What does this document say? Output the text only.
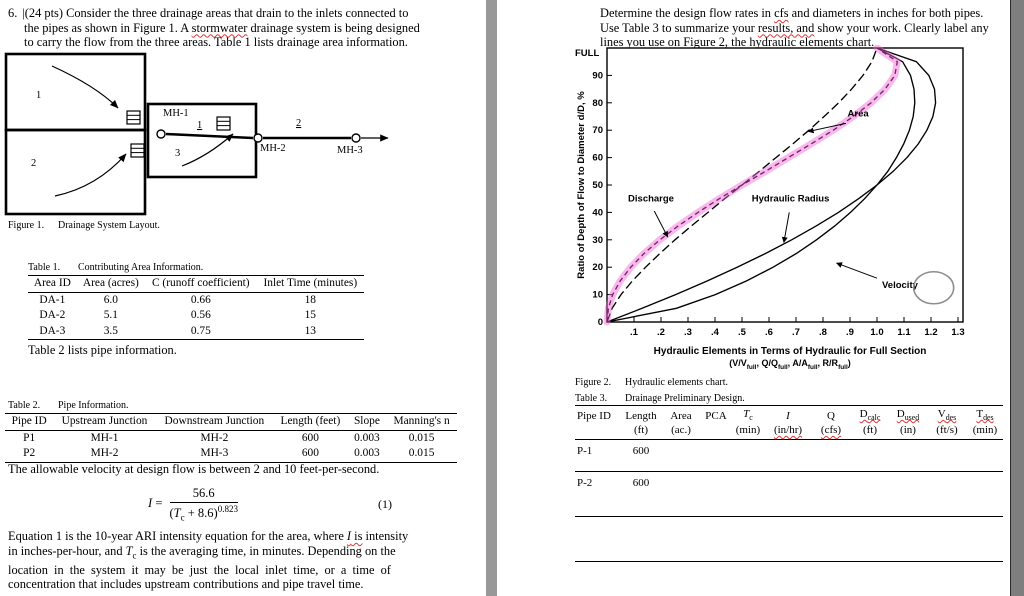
6. |(24 pts) Consider the three drainage areas that drain to the inlets connected to
the pipes as shown in Figure 1. A stormwater drainage system is being designed
to carry the flow from the three areas. Table 1 lists drainage area information.
1
2
3
MH-1
MH-2	MH-3
1	2
Figure 1. Drainage System Layout.
Table 1. Contributing Area Information.
Area ID	Area (acres)	C (runoff coefficient)	Inlet Time (minutes)
DA-1	6.0	0.66	18
DA-2	5.1	0.56	15
DA-3	3.5	0.75	13
Table 2 lists pipe information.
Table 2. Pipe Information.
Pipe ID	Upstream Junction	Downstream Junction	Length (feet)	Slope	Manning's n
P1	MH-1	MH-2	600	0.003	0.015
P2	MH-2	MH-3	600	0.003	0.015
The allowable velocity at design flow is between 2 and 10 feet-per-second.
$I = \frac{56.6}{(T_c + 8.6)^{0.823}}$	(1)
Equation 1 is the 10-year ARI intensity equation for the area, where I is intensity
in inches-per-hour, and $T_c$ is the averaging time, in minutes. Depending on the
location in the system it may be just the local inlet time, or a time of
concentration that includes upstream contributions and pipe travel time.
Determine the design flow rates in cfs and diameters in inches for both pipes.
Use Table 3 to summarize your results, and show your work. Clearly label any
lines you use on Figure 2, the hydraulic elements chart.
FULL
Ratio of Depth of Flow to Diameter d/D, %
90
80
70
60
50
40
30
20
10
0
.1 .2 .3 .4 .5 .6 .7 .8 .9 1.0 1.1 1.2 1.3
Discharge
Area
Hydraulic Radius
Velocity
Hydraulic Elements in Terms of Hydraulic for Full Section
($V/V_{full}$, $Q/Q_{full}$, $A/A_{full}$, $R/R_{full}$)
Figure 2. Hydraulic elements chart.
Table 3. Drainage Preliminary Design.
Pipe ID	Length	Area	PCA	$T_c$	I	Q	$D_{calc}$	$D_{used}$	$V_{des}$	$T_{des}$
	(ft)	(ac.)		(min)	(in/hr)	(cfs)	(ft)	(in)	(ft/s)	(min)
P-1	600									
P-2	600									
